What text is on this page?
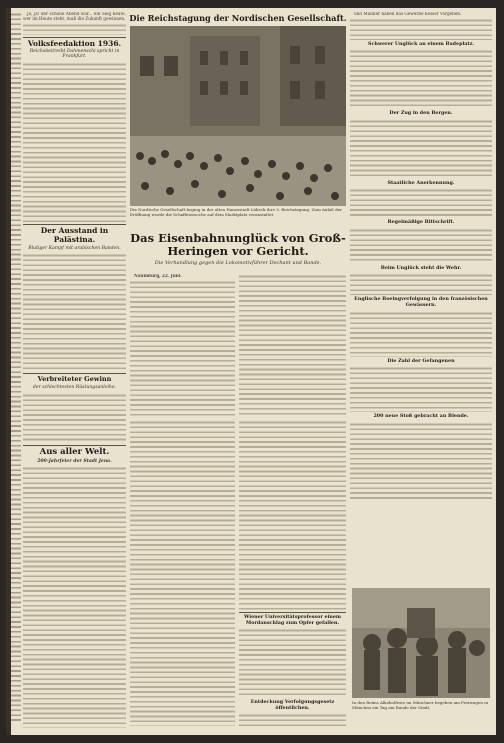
Ja, ja! der schöne Abend war... ein Sieg heute, wer im Heute steht, muß die Zukunft gewinnen.

Volksfeedaktion 1936.
Reichsbeitreibt Dahmenschi spricht in Frankfurt.
Der Ausstand in Palästina.
Blutiger Kampf mit arabischen Banden.
Verbreiteter Gewinn
der schlechtesten Rüstungsanleihe.
Aus aller Welt.
200-Jahrfeier der Stadt Jena.
Die Reichstagung der Nordischen Gesellschaft.
Die Nordische Gesellschaft beging in der alten Hansestadt Lübeck ihre 3. Reichstagung. Zum Anlaß der Eröffnung wurde die Schaffenswoche auf dem Marktplatz veranstaltet.
Das Eisenbahnunglück von Groß-Heringen vor Gericht.
Die Verhandlung gegen die Lokomotivführer Dechant und Bande.

Naumburg, 22. Juni.

Wiener Universitätsprofessor einem Mordanschlag zum Opfer gefallen.
Entdeckung Verfolgungsgesetz öffentlichen.

und Männer haben das Gewerbe besser vorgehen.

Schwerer Unglück an einem Badeplatz.
Der Zug in den Bergen.
Staatliche Anerkennung.
Regelmäßige Bittschrift.
Beim Unglück steht die Wehr.
Englische Boeingverfolgung in den französischen Gewässern.
Die Zahl der Gefangenen
200 neue Stoß gebracht an Blende.
In den Reims Alkoholfeste im Münchner begehen am Festwagen in München ein Tag am Rande der Stadt.
